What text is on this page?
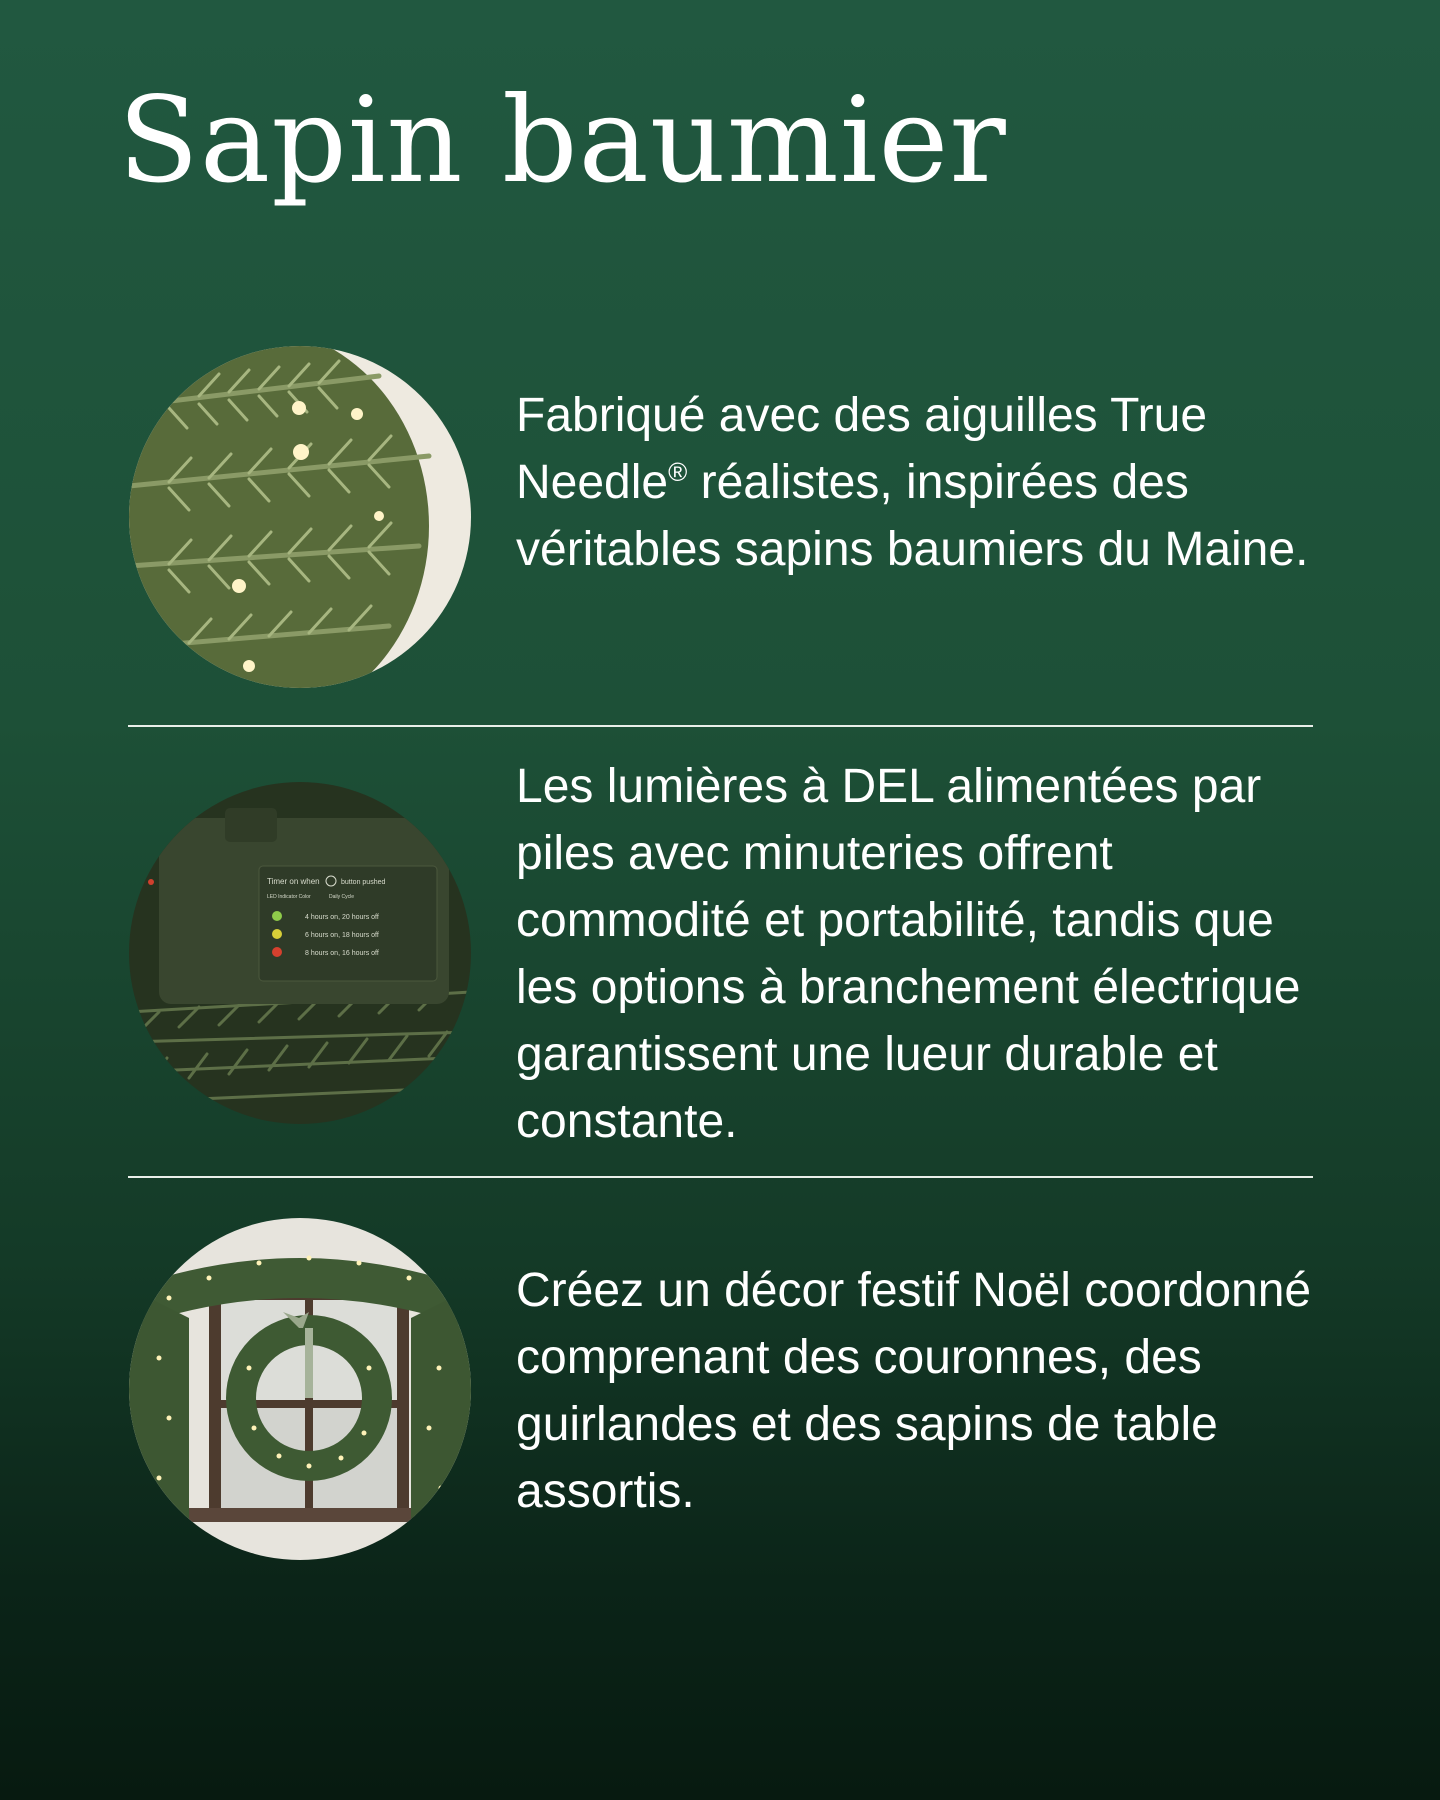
Sapin baumier

Fabriqué avec des aiguilles True Needle® réalistes, inspirées des véritables sapins baumiers du Maine.

Timer on when	button pushed
LED Indicator Color	Daily Cycle
4 hours on, 20 hours off
6 hours on, 18 hours off
8 hours on, 16 hours off

Les lumières à DEL alimentées par piles avec minuteries offrent commodité et portabilité, tandis que les options à branchement électrique garantissent une lueur durable et constante.

Créez un décor festif Noël coordonné comprenant des couronnes, des guirlandes et des sapins de table assortis.
